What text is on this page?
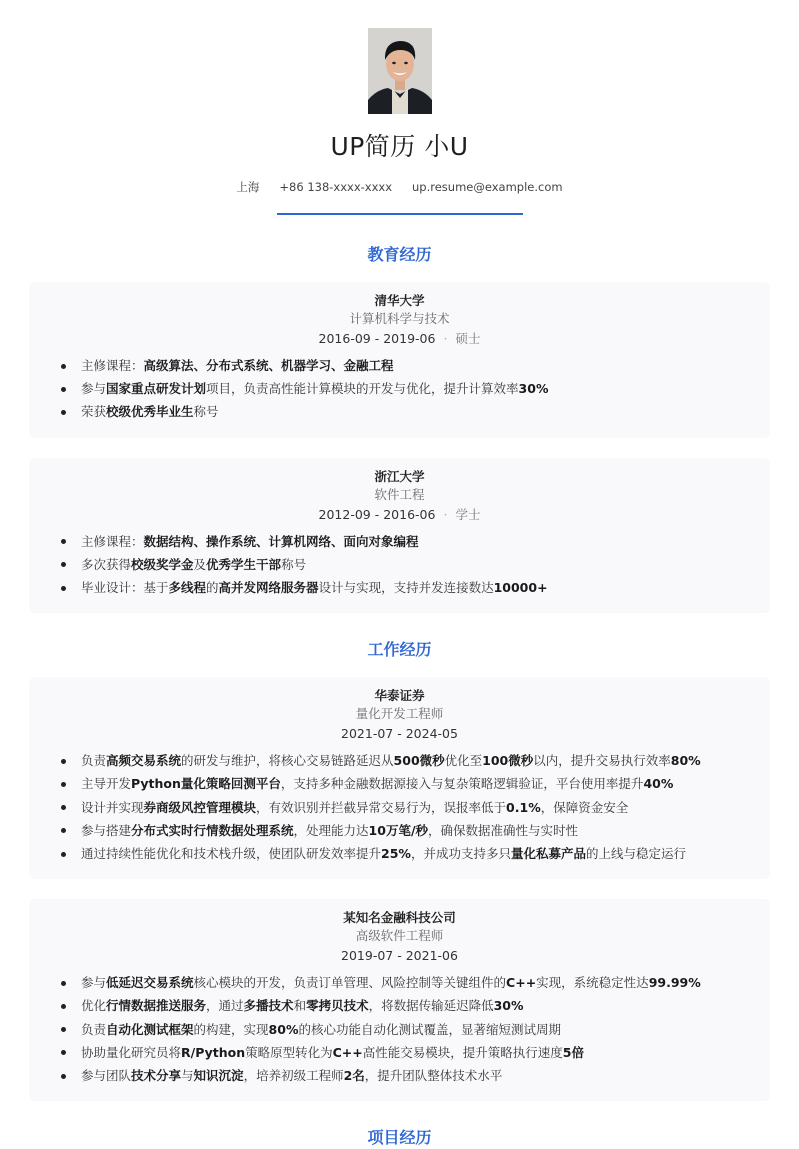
UP简历 小U
上海 +86 138-xxxx-xxxx up.resume@example.com
教育经历
清华大学
计算机科学与技术
2016-09 - 2019-06 · 硕士
主修课程：高级算法、分布式系统、机器学习、金融工程
参与国家重点研发计划项目，负责高性能计算模块的开发与优化，提升计算效率30%
荣获校级优秀毕业生称号
浙江大学
软件工程
2012-09 - 2016-06 · 学士
主修课程：数据结构、操作系统、计算机网络、面向对象编程
多次获得校级奖学金及优秀学生干部称号
毕业设计：基于多线程的高并发网络服务器设计与实现，支持并发连接数达10000+
工作经历
华泰证券
量化开发工程师
2021-07 - 2024-05
负责高频交易系统的研发与维护，将核心交易链路延迟从500微秒优化至100微秒以内，提升交易执行效率80%
主导开发Python量化策略回测平台，支持多种金融数据源接入与复杂策略逻辑验证，平台使用率提升40%
设计并实现券商级风控管理模块，有效识别并拦截异常交易行为，误报率低于0.1%，保障资金安全
参与搭建分布式实时行情数据处理系统，处理能力达10万笔/秒，确保数据准确性与实时性
通过持续性能优化和技术栈升级，使团队研发效率提升25%，并成功支持多只量化私募产品的上线与稳定运行
某知名金融科技公司
高级软件工程师
2019-07 - 2021-06
参与低延迟交易系统核心模块的开发，负责订单管理、风险控制等关键组件的C++实现，系统稳定性达99.99%
优化行情数据推送服务，通过多播技术和零拷贝技术，将数据传输延迟降低30%
负责自动化测试框架的构建，实现80%的核心功能自动化测试覆盖，显著缩短测试周期
协助量化研究员将R/Python策略原型转化为C++高性能交易模块，提升策略执行速度5倍
参与团队技术分享与知识沉淀，培养初级工程师2名，提升团队整体技术水平
项目经历
